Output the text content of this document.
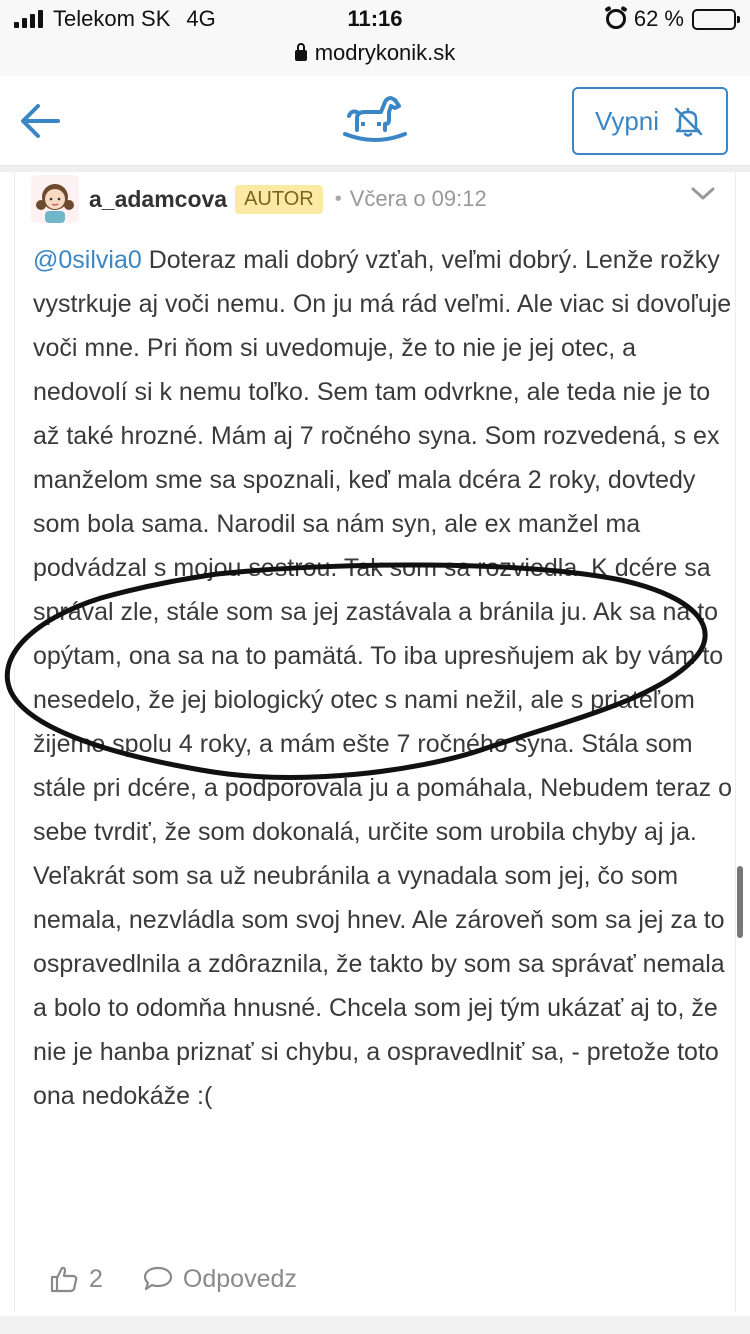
Telekom SK 4G	11:16	62 %
modrykonik.sk
Vypni
a_adamcova AUTOR	• Včera o 09:12
@0silvia0 Doteraz mali dobrý vzťah, veľmi dobrý. Lenže rožky vystrkuje aj voči nemu. On ju má rád veľmi. Ale viac si dovoľuje voči mne. Pri ňom si uvedomuje, že to nie je jej otec, a nedovolí si k nemu toľko. Sem tam odvrkne, ale teda nie je to až také hrozné. Mám aj 7 ročného syna. Som rozvedená, s ex manželom sme sa spoznali, keď mala dcéra 2 roky, dovtedy som bola sama. Narodil sa nám syn, ale ex manžel ma podvádzal s mojou sestrou. Tak som sa rozviedla. K dcére sa správal zle, stále som sa jej zastávala a bránila ju. Ak sa na to opýtam, ona sa na to pamätá. To iba upresňujem ak by vám to nesedelo, že jej biologický otec s nami nežil, ale s priateľom žijeme spolu 4 roky, a mám ešte 7 ročného syna. Stála som stále pri dcére, a podporovala ju a pomáhala, Nebudem teraz o sebe tvrdiť, že som dokonalá, určite som urobila chyby aj ja. Veľakrát som sa už neubránila a vynadala som jej, čo som nemala, nezvládla som svoj hnev. Ale zároveň som sa jej za to ospravedlnila a zdôraznila, že takto by som sa správať nemala a bolo to odomňa hnusné. Chcela som jej tým ukázať aj to, že nie je hanba priznať si chybu, a ospravedlniť sa, - pretože toto ona nedokáže :(
2	Odpovedz
